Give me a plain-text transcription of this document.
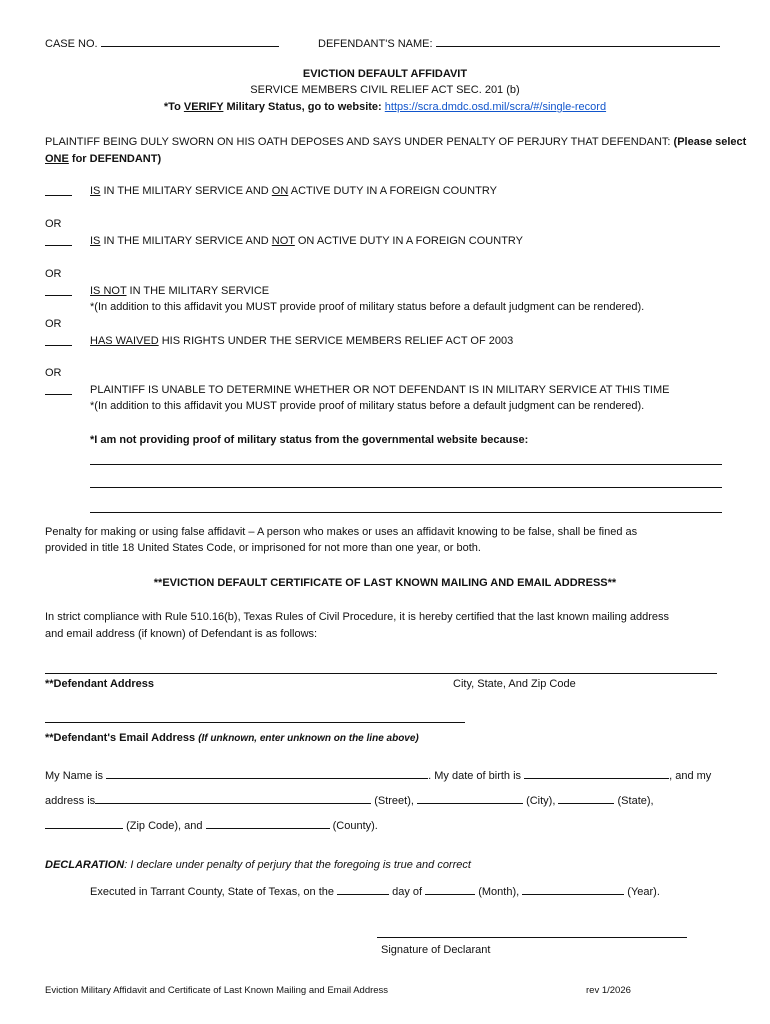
CASE NO.	DEFENDANT'S NAME:
EVICTION DEFAULT AFFIDAVIT
SERVICE MEMBERS CIVIL RELIEF ACT SEC. 201 (b)
*To VERIFY Military Status, go to website: https://scra.dmdc.osd.mil/scra/#/single-record
PLAINTIFF BEING DULY SWORN ON HIS OATH DEPOSES AND SAYS UNDER PENALTY OF PERJURY THAT DEFENDANT: (Please select
ONE for DEFENDANT)
IS IN THE MILITARY SERVICE AND ON ACTIVE DUTY IN A FOREIGN COUNTRY
OR
IS IN THE MILITARY SERVICE AND NOT ON ACTIVE DUTY IN A FOREIGN COUNTRY
OR
IS NOT IN THE MILITARY SERVICE
*(In addition to this affidavit you MUST provide proof of military status before a default judgment can be rendered).
OR
HAS WAIVED HIS RIGHTS UNDER THE SERVICE MEMBERS RELIEF ACT OF 2003
OR
PLAINTIFF IS UNABLE TO DETERMINE WHETHER OR NOT DEFENDANT IS IN MILITARY SERVICE AT THIS TIME
*(In addition to this affidavit you MUST provide proof of military status before a default judgment can be rendered).
*I am not providing proof of military status from the governmental website because:
Penalty for making or using false affidavit – A person who makes or uses an affidavit knowing to be false, shall be fined as
provided in title 18 United States Code, or imprisoned for not more than one year, or both.
**EVICTION DEFAULT CERTIFICATE OF LAST KNOWN MAILING AND EMAIL ADDRESS**
In strict compliance with Rule 510.16(b), Texas Rules of Civil Procedure, it is hereby certified that the last known mailing address
and email address (if known) of Defendant is as follows:
**Defendant Address	City, State, And Zip Code
**Defendant's Email Address (If unknown, enter unknown on the line above)
My Name is	. My date of birth is	, and my
address is	(Street),	(City),	(State),
(Zip Code), and	(County).
DECLARATION: I declare under penalty of perjury that the foregoing is true and correct
Executed in Tarrant County, State of Texas, on the	day of	(Month),	(Year).
Signature of Declarant
Eviction Military Affidavit and Certificate of Last Known Mailing and Email Address	rev 1/2026
